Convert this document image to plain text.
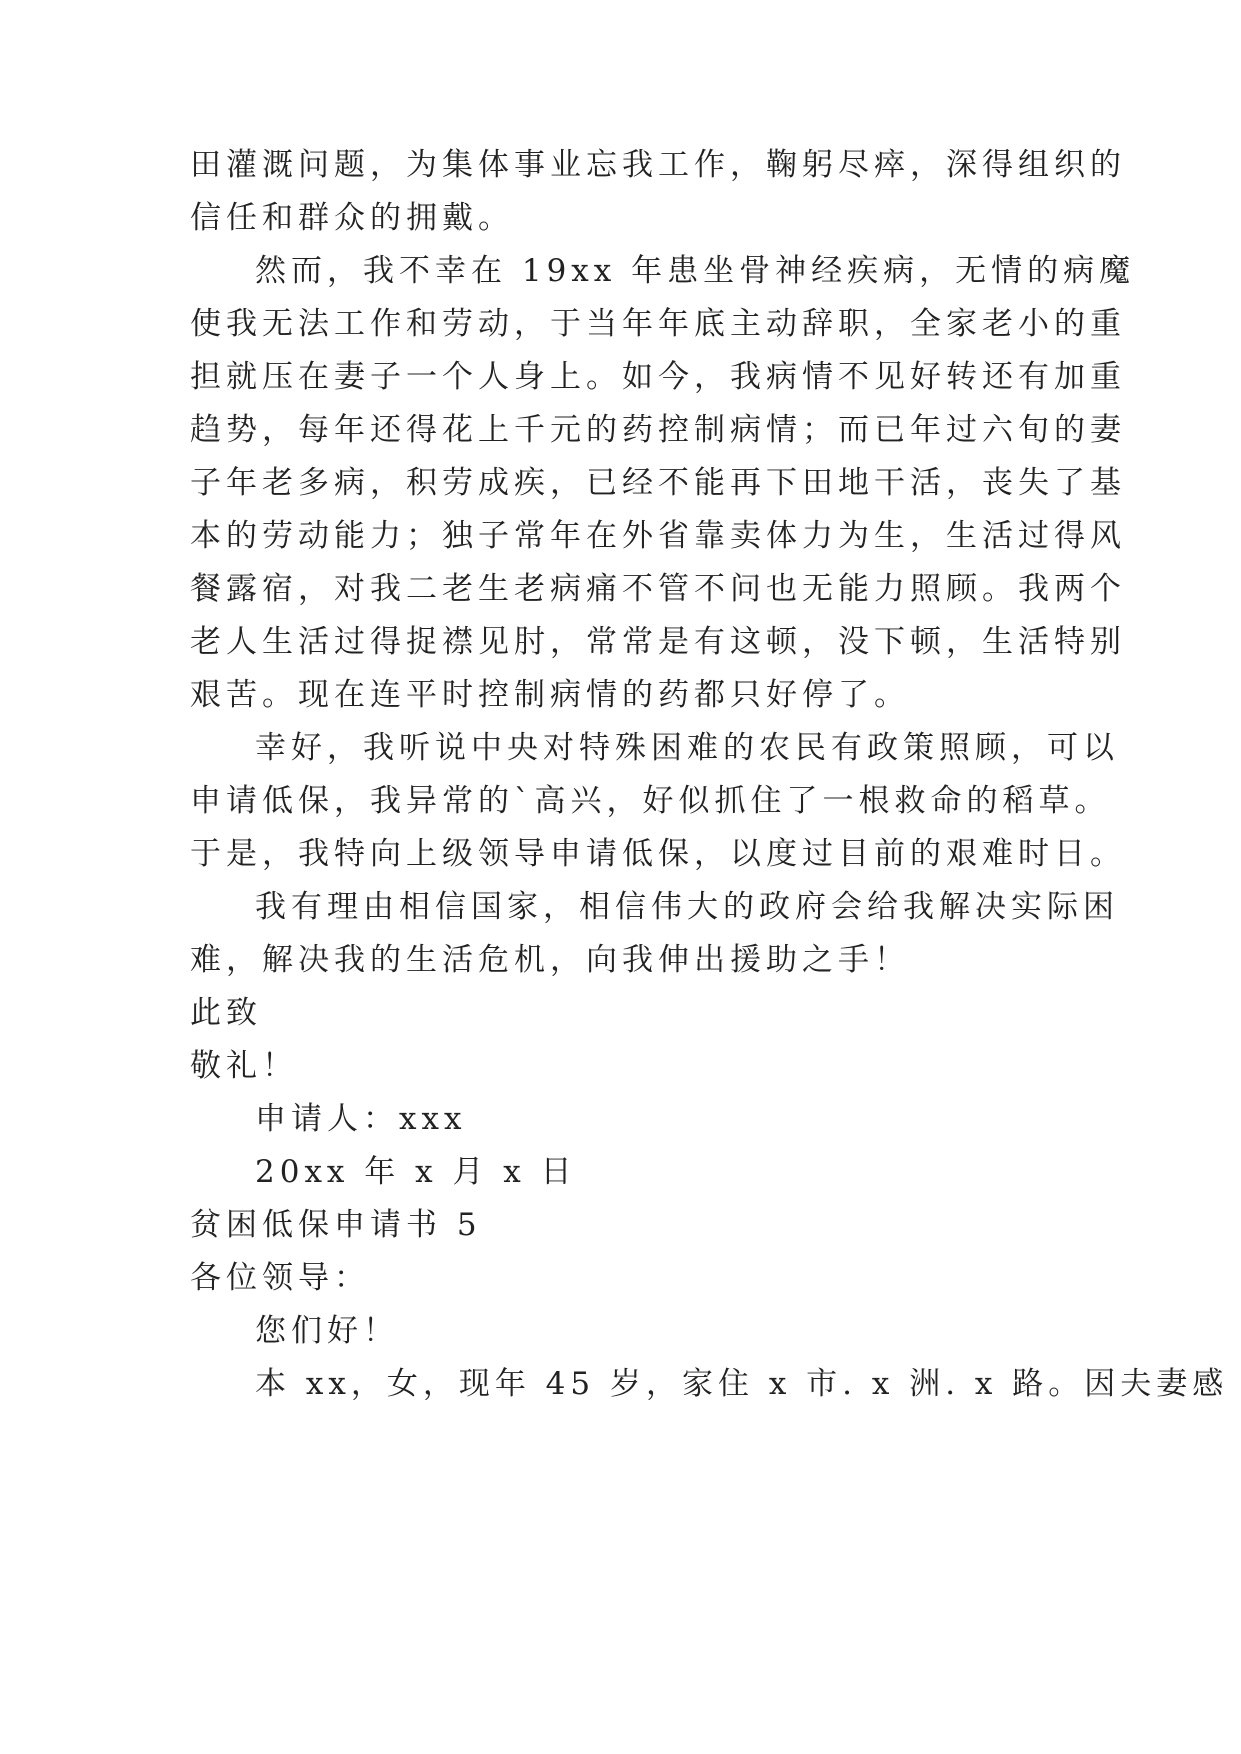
田灌溉问题，为集体事业忘我工作，鞠躬尽瘁，深得组织的
信任和群众的拥戴。
然而，我不幸在 19xx 年患坐骨神经疾病，无情的病魔
使我无法工作和劳动，于当年年底主动辞职，全家老小的重
担就压在妻子一个人身上。如今，我病情不见好转还有加重
趋势，每年还得花上千元的药控制病情；而已年过六旬的妻
子年老多病，积劳成疾，已经不能再下田地干活，丧失了基
本的劳动能力；独子常年在外省靠卖体力为生，生活过得风
餐露宿，对我二老生老病痛不管不问也无能力照顾。我两个
老人生活过得捉襟见肘，常常是有这顿，没下顿，生活特别
艰苦。现在连平时控制病情的药都只好停了。
幸好，我听说中央对特殊困难的农民有政策照顾，可以
申请低保，我异常的`高兴，好似抓住了一根救命的稻草。
于是，我特向上级领导申请低保，以度过目前的艰难时日。
我有理由相信国家，相信伟大的政府会给我解决实际困
难，解决我的生活危机，向我伸出援助之手！
此致
敬礼！
申请人：xxx
20xx 年 x 月 x 日
贫困低保申请书 5
各位领导：
您们好！
本 xx，女，现年 45 岁，家住 x 市. x 洲. x 路。因夫妻感
